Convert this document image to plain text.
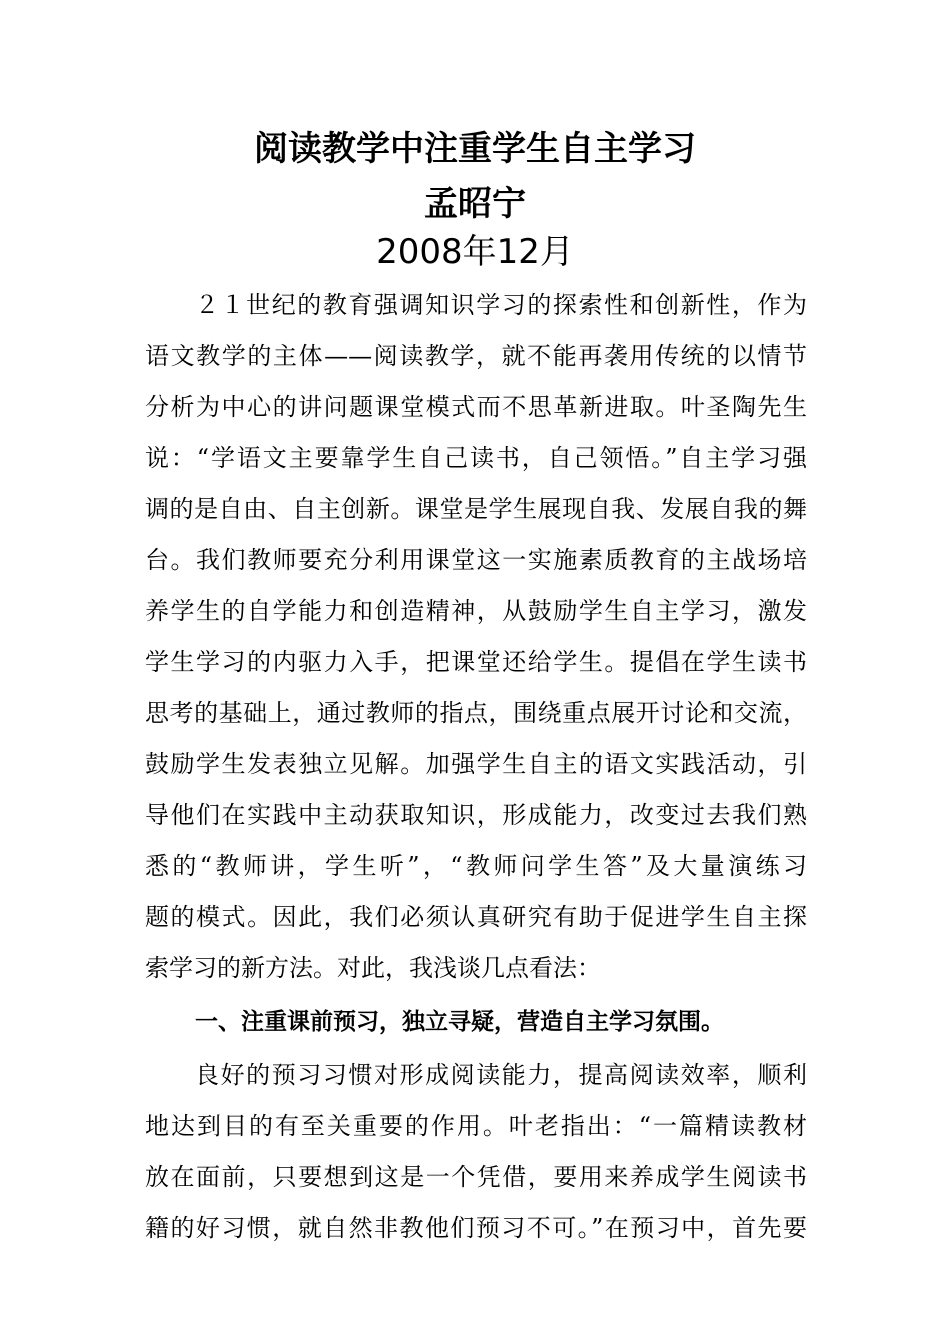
阅读教学中注重学生自主学习
孟昭宁
2008年12月
２１世纪的教育强调知识学习的探索性和创新性，作为
语文教学的主体——阅读教学，就不能再袭用传统的以情节
分析为中心的讲问题课堂模式而不思革新进取。叶圣陶先生
说：“学语文主要靠学生自己读书，自己领悟。”自主学习强
调的是自由、自主创新。课堂是学生展现自我、发展自我的舞
台。我们教师要充分利用课堂这一实施素质教育的主战场培
养学生的自学能力和创造精神，从鼓励学生自主学习，激发
学生学习的内驱力入手，把课堂还给学生。提倡在学生读书
思考的基础上，通过教师的指点，围绕重点展开讨论和交流，
鼓励学生发表独立见解。加强学生自主的语文实践活动，引
导他们在实践中主动获取知识，形成能力，改变过去我们熟
悉的“教师讲，学生听”，“教师问学生答”及大量演练习
题的模式。因此，我们必须认真研究有助于促进学生自主探
索学习的新方法。对此，我浅谈几点看法：
一、注重课前预习，独立寻疑，营造自主学习氛围。
良好的预习习惯对形成阅读能力，提高阅读效率，顺利
地达到目的有至关重要的作用。叶老指出：“一篇精读教材
放在面前，只要想到这是一个凭借，要用来养成学生阅读书
籍的好习惯，就自然非教他们预习不可。”在预习中，首先要
